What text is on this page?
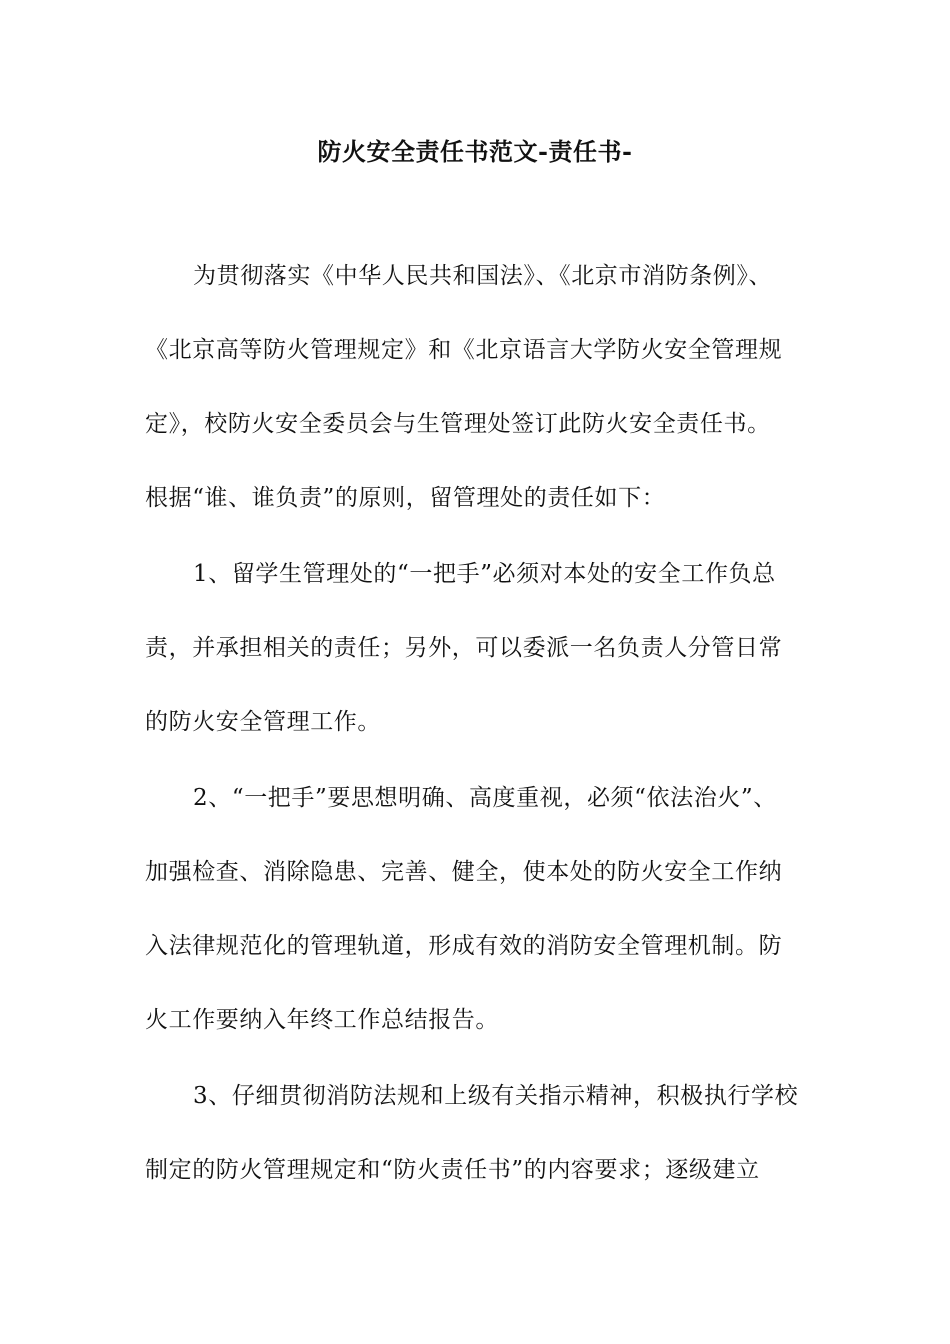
防火安全责任书范文-责任书-
为贯彻落实《中华人民共和国法》、《北京市消防条例》、
《北京高等防火管理规定》和《北京语言大学防火安全管理规
定》，校防火安全委员会与生管理处签订此防火安全责任书。
根据“谁、谁负责”的原则，留管理处的责任如下：
1、留学生管理处的“一把手”必须对本处的安全工作负总
责，并承担相关的责任；另外，可以委派一名负责人分管日常
的防火安全管理工作。
2、“一把手”要思想明确、高度重视，必须“依法治火”、
加强检查、消除隐患、完善、健全，使本处的防火安全工作纳
入法律规范化的管理轨道，形成有效的消防安全管理机制。防
火工作要纳入年终工作总结报告。
3、仔细贯彻消防法规和上级有关指示精神，积极执行学校
制定的防火管理规定和“防火责任书”的内容要求；逐级建立
